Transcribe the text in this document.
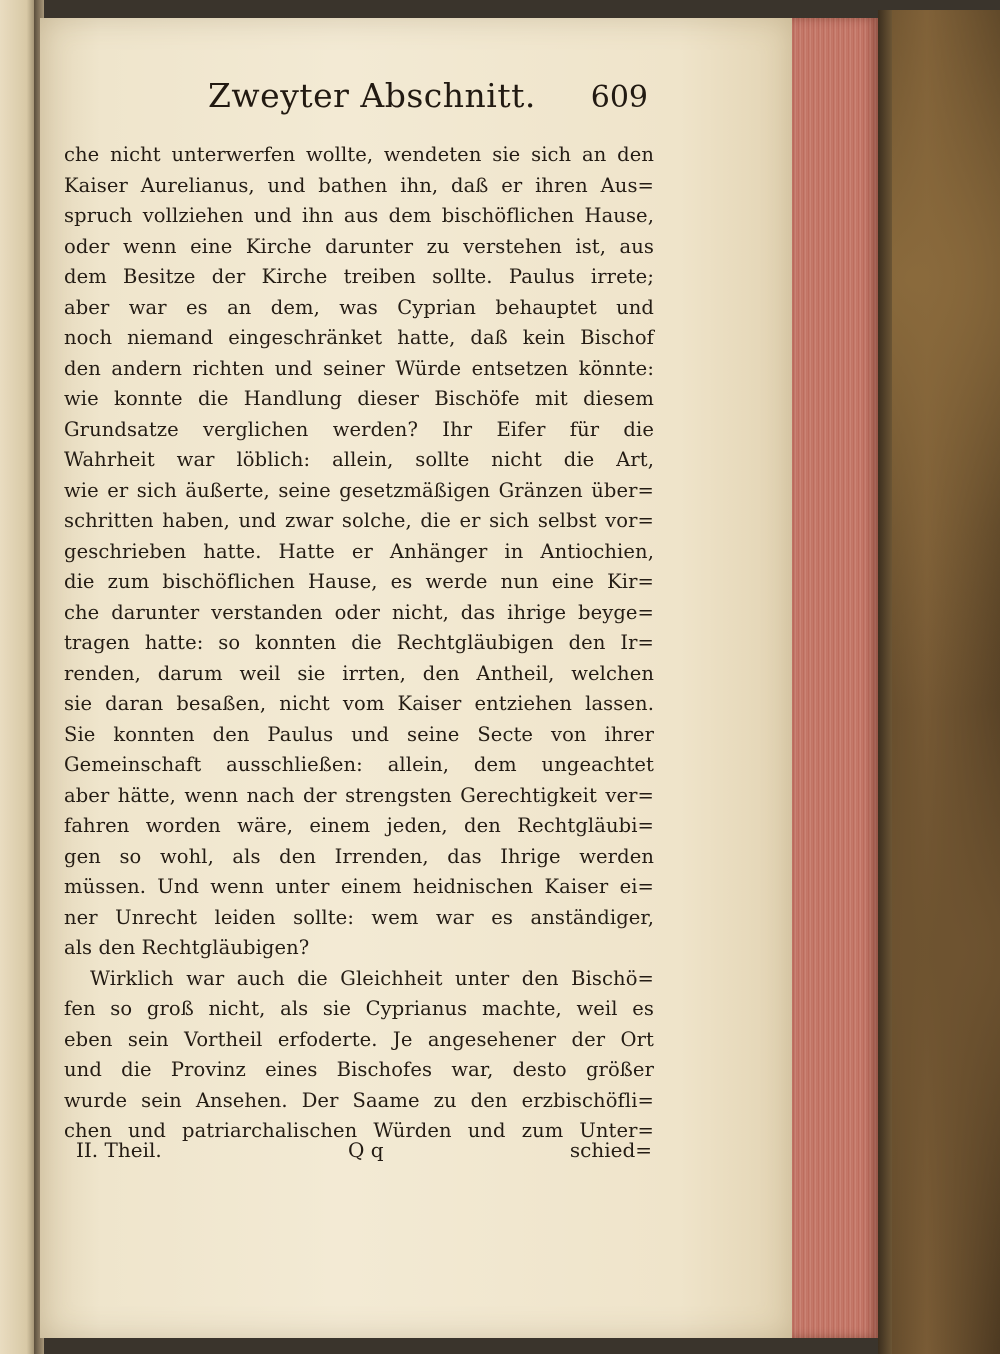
Zweyter Abschnitt. 609
che nicht unterwerfen wollte, wendeten sie sich an den
Kaiser Aurelianus, und bathen ihn, daß er ihren Aus=
spruch vollziehen und ihn aus dem bischöflichen Hause,
oder wenn eine Kirche darunter zu verstehen ist, aus
dem Besitze der Kirche treiben sollte. Paulus irrete;
aber war es an dem, was Cyprian behauptet und
noch niemand eingeschränket hatte, daß kein Bischof
den andern richten und seiner Würde entsetzen könnte:
wie konnte die Handlung dieser Bischöfe mit diesem
Grundsatze verglichen werden? Ihr Eifer für die
Wahrheit war löblich: allein, sollte nicht die Art,
wie er sich äußerte, seine gesetzmäßigen Gränzen über=
schritten haben, und zwar solche, die er sich selbst vor=
geschrieben hatte. Hatte er Anhänger in Antiochien,
die zum bischöflichen Hause, es werde nun eine Kir=
che darunter verstanden oder nicht, das ihrige beyge=
tragen hatte: so konnten die Rechtgläubigen den Ir=
renden, darum weil sie irrten, den Antheil, welchen
sie daran besaßen, nicht vom Kaiser entziehen lassen.
Sie konnten den Paulus und seine Secte von ihrer
Gemeinschaft ausschließen: allein, dem ungeachtet
aber hätte, wenn nach der strengsten Gerechtigkeit ver=
fahren worden wäre, einem jeden, den Rechtgläubi=
gen so wohl, als den Irrenden, das Ihrige werden
müssen. Und wenn unter einem heidnischen Kaiser ei=
ner Unrecht leiden sollte: wem war es anständiger,
als den Rechtgläubigen?
Wirklich war auch die Gleichheit unter den Bischö=
fen so groß nicht, als sie Cyprianus machte, weil es
eben sein Vortheil erfoderte. Je angesehener der Ort
und die Provinz eines Bischofes war, desto größer
wurde sein Ansehen. Der Saame zu den erzbischöfli=
chen und patriarchalischen Würden und zum Unter=
II. Theil.	Q q	schied=
